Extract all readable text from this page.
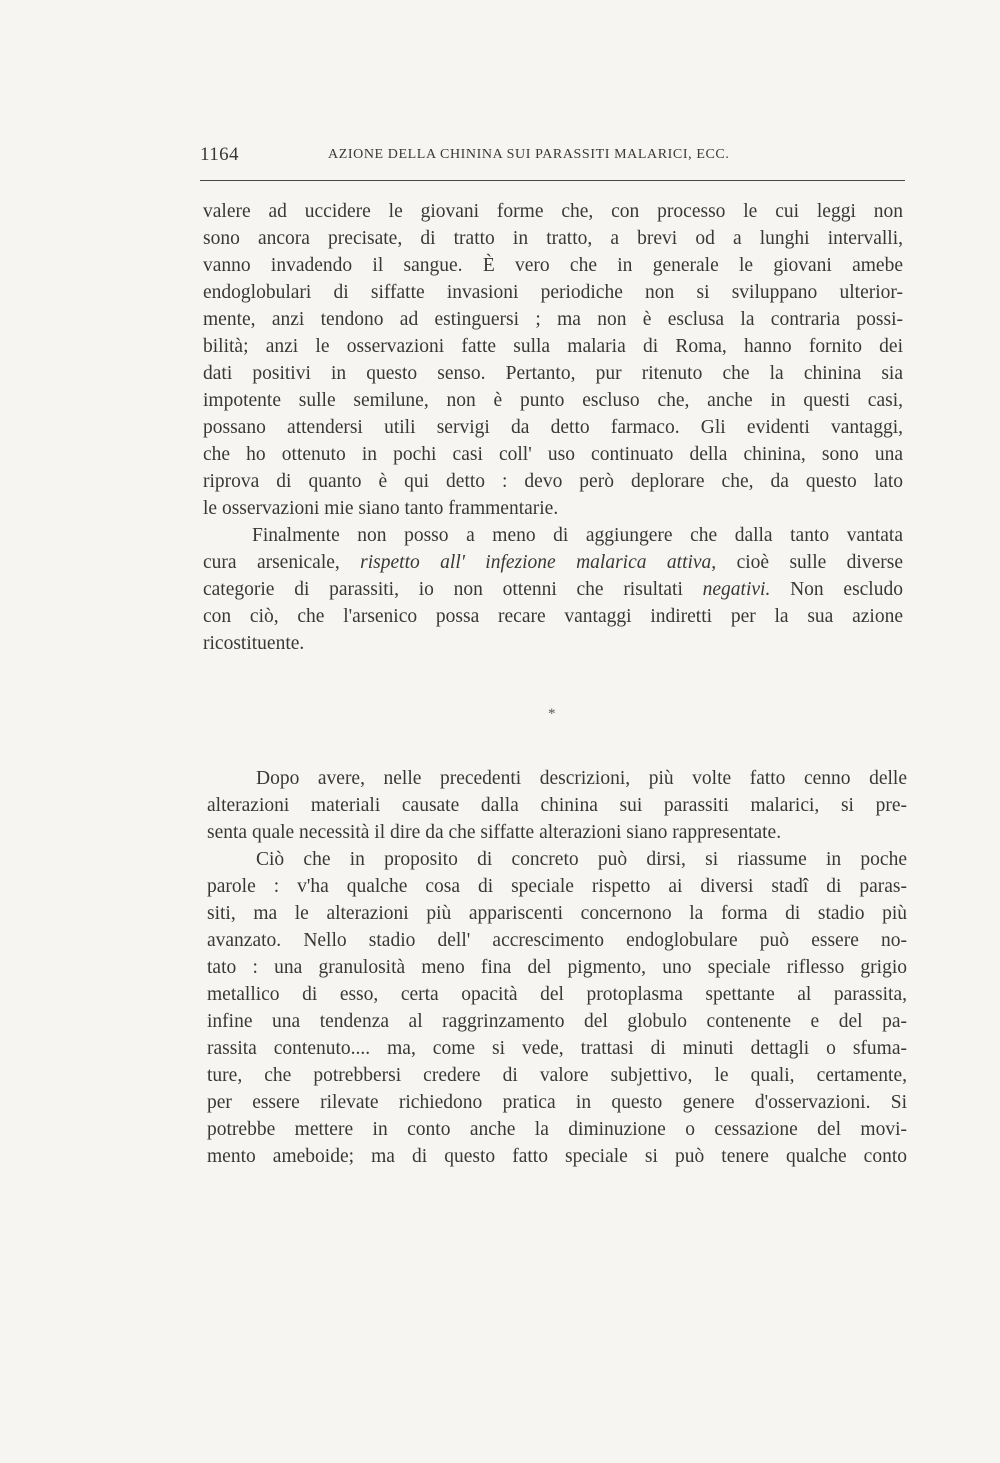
1164	AZIONE DELLA CHININA SUI PARASSITI MALARICI, ECC.
valere ad uccidere le giovani forme che, con processo le cui leggi non
sono ancora precisate, di tratto in tratto, a brevi od a lunghi intervalli,
vanno invadendo il sangue. È vero che in generale le giovani amebe
endoglobulari di siffatte invasioni periodiche non si sviluppano ulterior-
mente, anzi tendono ad estinguersi ; ma non è esclusa la contraria possi-
bilità; anzi le osservazioni fatte sulla malaria di Roma, hanno fornito dei
dati positivi in questo senso. Pertanto, pur ritenuto che la chinina sia
impotente sulle semilune, non è punto escluso che, anche in questi casi,
possano attendersi utili servigi da detto farmaco. Gli evidenti vantaggi,
che ho ottenuto in pochi casi coll' uso continuato della chinina, sono una
riprova di quanto è qui detto : devo però deplorare che, da questo lato
le osservazioni mie siano tanto frammentarie.
Finalmente non posso a meno di aggiungere che dalla tanto vantata
cura arsenicale, rispetto all' infezione malarica attiva, cioè sulle diverse
categorie di parassiti, io non ottenni che risultati negativi. Non escludo
con ciò, che l'arsenico possa recare vantaggi indiretti per la sua azione
ricostituente.
*
Dopo avere, nelle precedenti descrizioni, più volte fatto cenno delle
alterazioni materiali causate dalla chinina sui parassiti malarici, si pre-
senta quale necessità il dire da che siffatte alterazioni siano rappresentate.
Ciò che in proposito di concreto può dirsi, si riassume in poche
parole : v'ha qualche cosa di speciale rispetto ai diversi stadî di paras-
siti, ma le alterazioni più appariscenti concernono la forma di stadio più
avanzato. Nello stadio dell' accrescimento endoglobulare può essere no-
tato : una granulosità meno fina del pigmento, uno speciale riflesso grigio
metallico di esso, certa opacità del protoplasma spettante al parassita,
infine una tendenza al raggrinzamento del globulo contenente e del pa-
rassita contenuto.... ma, come si vede, trattasi di minuti dettagli o sfuma-
ture, che potrebbersi credere di valore subjettivo, le quali, certamente,
per essere rilevate richiedono pratica in questo genere d'osservazioni. Si
potrebbe mettere in conto anche la diminuzione o cessazione del movi-
mento ameboide; ma di questo fatto speciale si può tenere qualche conto
